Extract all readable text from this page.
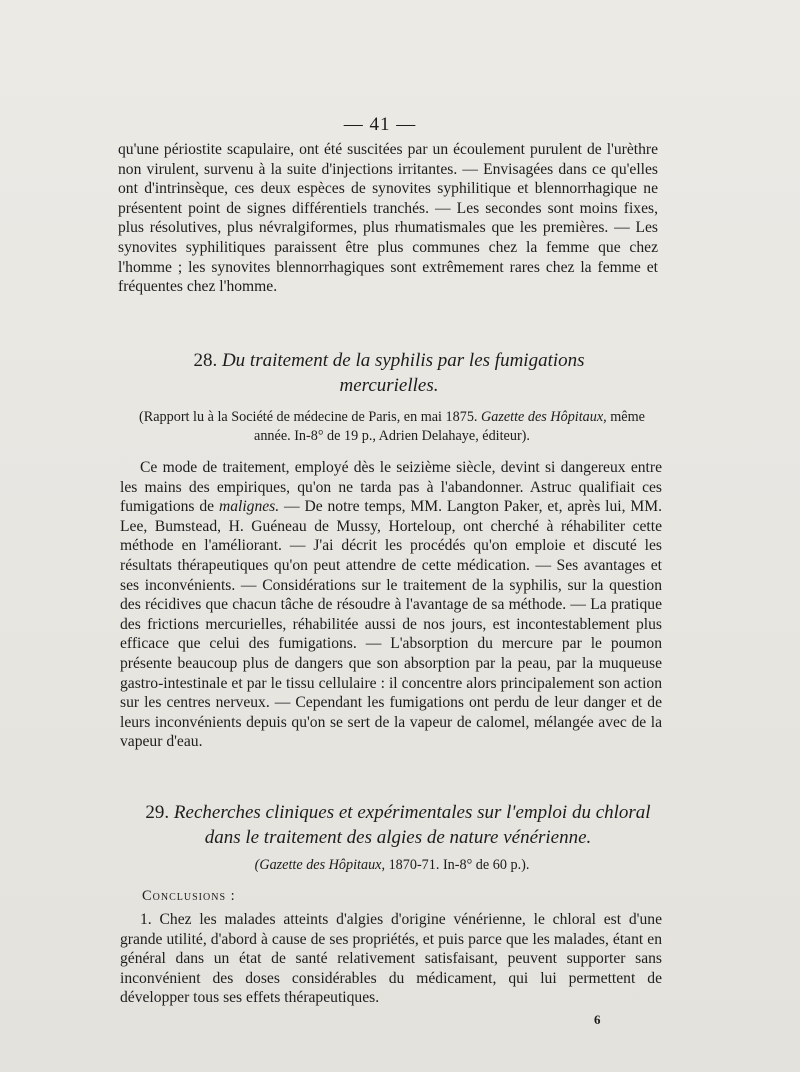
— 41 —

qu'une périostite scapulaire, ont été suscitées par un écoulement purulent de l'urèthre non virulent, survenu à la suite d'injections irritantes. — Envisagées dans ce qu'elles ont d'intrinsèque, ces deux espèces de synovites syphilitique et blennorrhagique ne présentent point de signes différentiels tranchés. — Les secondes sont moins fixes, plus résolutives, plus névralgiformes, plus rhumatismales que les premières. — Les synovites syphilitiques paraissent être plus communes chez la femme que chez l'homme ; les synovites blennorrhagiques sont extrêmement rares chez la femme et fréquentes chez l'homme.

28. Du traitement de la syphilis par les fumigations mercurielles.

(Rapport lu à la Société de médecine de Paris, en mai 1875. Gazette des Hôpitaux, même année. In-8° de 19 p., Adrien Delahaye, éditeur).

Ce mode de traitement, employé dès le seizième siècle, devint si dangereux entre les mains des empiriques, qu'on ne tarda pas à l'abandonner. Astruc qualifiait ces fumigations de malignes. — De notre temps, MM. Langton Paker, et, après lui, MM. Lee, Bumstead, H. Guéneau de Mussy, Horteloup, ont cherché à réhabiliter cette méthode en l'améliorant. — J'ai décrit les procédés qu'on emploie et discuté les résultats thérapeutiques qu'on peut attendre de cette médication. — Ses avantages et ses inconvénients. — Considérations sur le traitement de la syphilis, sur la question des récidives que chacun tâche de résoudre à l'avantage de sa méthode. — La pratique des frictions mercurielles, réhabilitée aussi de nos jours, est incontestablement plus efficace que celui des fumigations. — L'absorption du mercure par le poumon présente beaucoup plus de dangers que son absorption par la peau, par la muqueuse gastro-intestinale et par le tissu cellulaire : il concentre alors principalement son action sur les centres nerveux. — Cependant les fumigations ont perdu de leur danger et de leurs inconvénients depuis qu'on se sert de la vapeur de calomel, mélangée avec de la vapeur d'eau.

29. Recherches cliniques et expérimentales sur l'emploi du chloral dans le traitement des algies de nature vénérienne.

(Gazette des Hôpitaux, 1870-71. In-8° de 60 p.).

Conclusions :

1. Chez les malades atteints d'algies d'origine vénérienne, le chloral est d'une grande utilité, d'abord à cause de ses propriétés, et puis parce que les malades, étant en général dans un état de santé relativement satisfaisant, peuvent supporter sans inconvénient des doses considérables du médicament, qui lui permettent de développer tous ses effets thérapeutiques.

6
